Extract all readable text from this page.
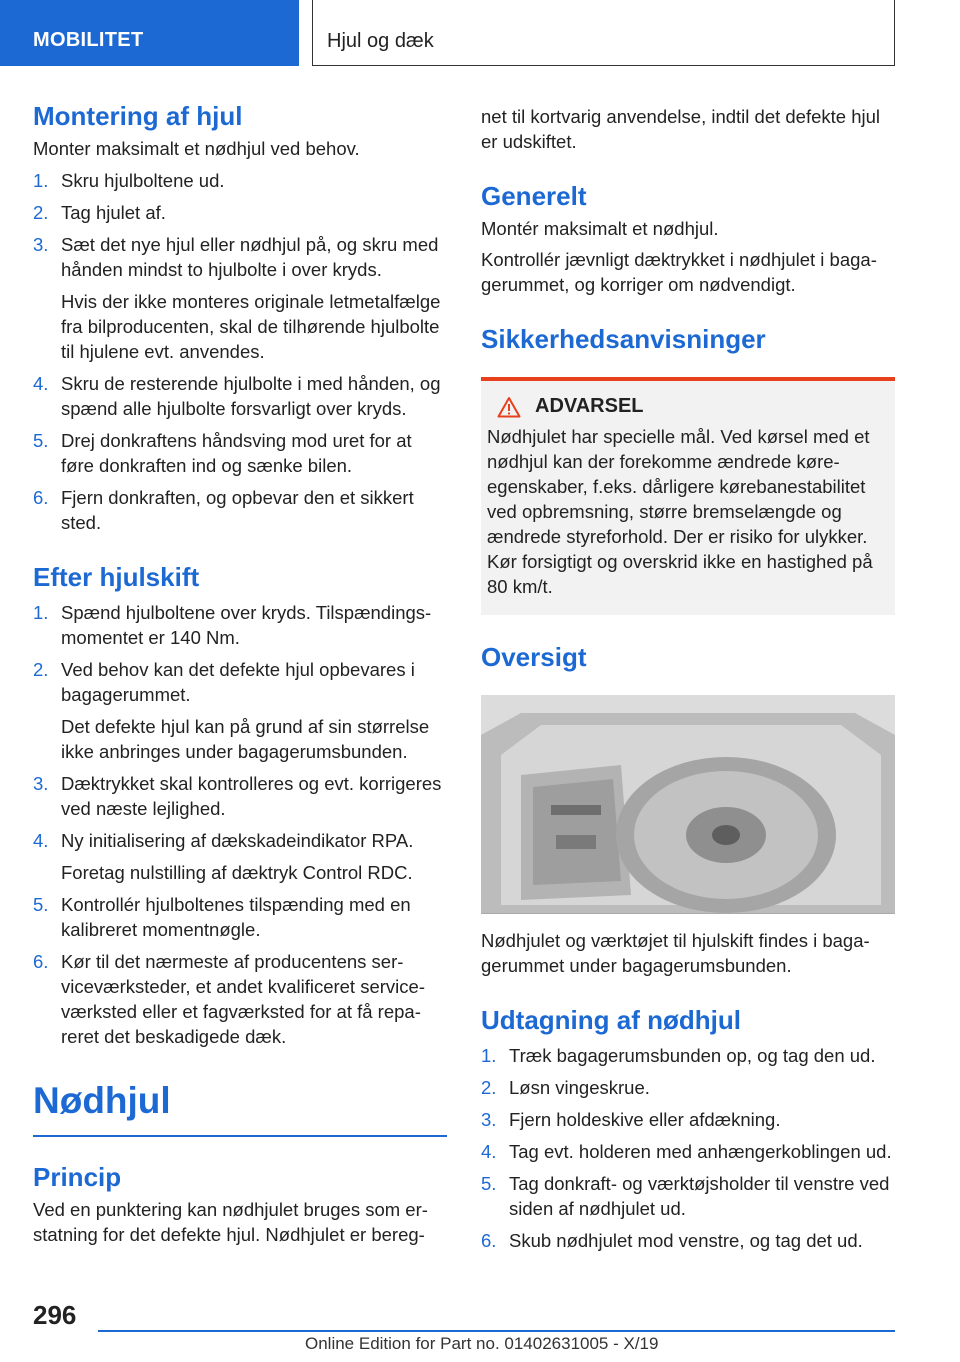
MOBILITET	Hjul og dæk
Montering af hjul

Monter maksimalt et nødhjul ved behov.

1. Skru hjulboltene ud.
2. Tag hjulet af.
3. Sæt det nye hjul eller nødhjul på, og skru med hånden mindst to hjulbolte i over kryds.
Hvis der ikke monteres originale letmetalfælge fra bilproducenten, skal de tilhørende hjulbolte til hjulene evt. anvendes.
4. Skru de resterende hjulbolte i med hånden, og spænd alle hjulbolte forsvarligt over kryds.
5. Drej donkraftens håndsving mod uret for at føre donkraften ind og sænke bilen.
6. Fjern donkraften, og opbevar den et sikkert sted.
Efter hjulskift
1. Spænd hjulboltene over kryds. Tilspændingsmomentet er 140 Nm.
2. Ved behov kan det defekte hjul opbevares i bagagerummet.
Det defekte hjul kan på grund af sin størrelse ikke anbringes under bagagerumsbunden.
3. Dæktrykket skal kontrolleres og evt. korrigeres ved næste lejlighed.
4. Ny initialisering af dækskadeindikator RPA.
Foretag nulstilling af dæktryk Control RDC.
5. Kontrollér hjulboltenes tilspænding med en kalibreret momentnøgle.
6. Kør til det nærmeste af producentens serviceværksteder, et andet kvalificeret serviceværksted eller et fagværksted for at få repareret det beskadigede dæk.
Nødhjul
Princip

Ved en punktering kan nødhjulet bruges som erstatning for det defekte hjul. Nødhjulet er bereg-

net til kortvarig anvendelse, indtil det defekte hjul er udskiftet.

Generelt

Montér maksimalt et nødhjul.

Kontrollér jævnligt dæktrykket i nødhjulet i bagagerummet, og korriger om nødvendigt.

Sikkerhedsanvisninger
ADVARSEL
Nødhjulet har specielle mål. Ved kørsel med et nødhjul kan der forekomme ændrede køreegenskaber, f.eks. dårligere kørebanestabilitet ved opbremsning, større bremselængde og ændrede styreforhold. Der er risiko for ulykker. Kør forsigtigt og overskrid ikke en hastighed på 80 km/t.
Oversigt

Nødhjulet og værktøjet til hjulskift findes i bagagerummet under bagagerumsbunden.

Udtagning af nødhjul
1. Træk bagagerumsbunden op, og tag den ud.
2. Løsn vingeskrue.
3. Fjern holdeskive eller afdækning.
4. Tag evt. holderen med anhængerkoblingen ud.
5. Tag donkraft- og værktøjsholder til venstre ved siden af nødhjulet ud.
6. Skub nødhjulet mod venstre, og tag det ud.
296
Online Edition for Part no. 01402631005 - X/19
